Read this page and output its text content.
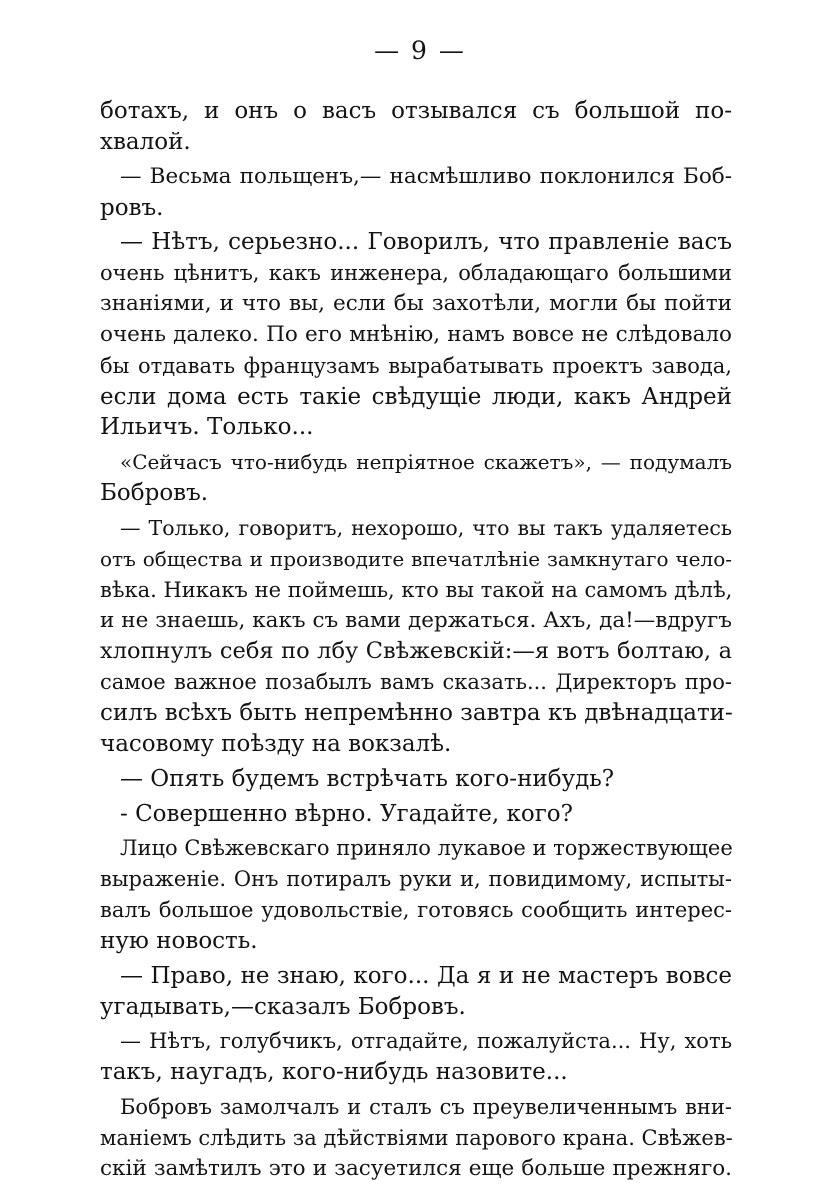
— 9 —
ботахъ, и онъ о васъ отзывался съ большой по-
хвалой.
— Весьма польщенъ,— насмѣшливо поклонился Боб-
ровъ.
— Нѣтъ, серьезно... Говорилъ, что правленіе васъ
очень цѣнитъ, какъ инженера, обладающаго большими
знаніями, и что вы, если бы захотѣли, могли бы пойти
очень далеко. По его мнѣнію, намъ вовсе не слѣдовало
бы отдавать французамъ вырабатывать проектъ завода,
если дома есть такіе свѣдущіе люди, какъ Андрей
Ильичъ. Только...
«Сейчасъ что-нибудь непріятное скажетъ», — подумалъ
Бобровъ.
— Только, говоритъ, нехорошо, что вы такъ удаляетесь
отъ общества и производите впечатлѣніе замкнутаго чело-
вѣка. Никакъ не поймешь, кто вы такой на самомъ дѣлѣ,
и не знаешь, какъ съ вами держаться. Ахъ, да!—вдругъ
хлопнулъ себя по лбу Свѣжевскій:—я вотъ болтаю, а
самое важное позабылъ вамъ сказать... Директоръ про-
силъ всѣхъ быть непремѣнно завтра къ двѣнадцати-
часовому поѣзду на вокзалѣ.
— Опять будемъ встрѣчать кого-нибудь?
- Совершенно вѣрно. Угадайте, кого?
Лицо Свѣжевскаго приняло лукавое и торжествующее
выраженіе. Онъ потиралъ руки и, повидимому, испыты-
валъ большое удовольствіе, готовясь сообщить интерес-
ную новость.
— Право, не знаю, кого... Да я и не мастеръ вовсе
угадывать,—сказалъ Бобровъ.
— Нѣтъ, голубчикъ, отгадайте, пожалуйста... Ну, хоть
такъ, наугадъ, кого-нибудь назовите...
Бобровъ замолчалъ и сталъ съ преувеличеннымъ вни-
маніемъ слѣдить за дѣйствіями парового крана. Свѣжев-
скій замѣтилъ это и засуетился еще больше прежняго.
